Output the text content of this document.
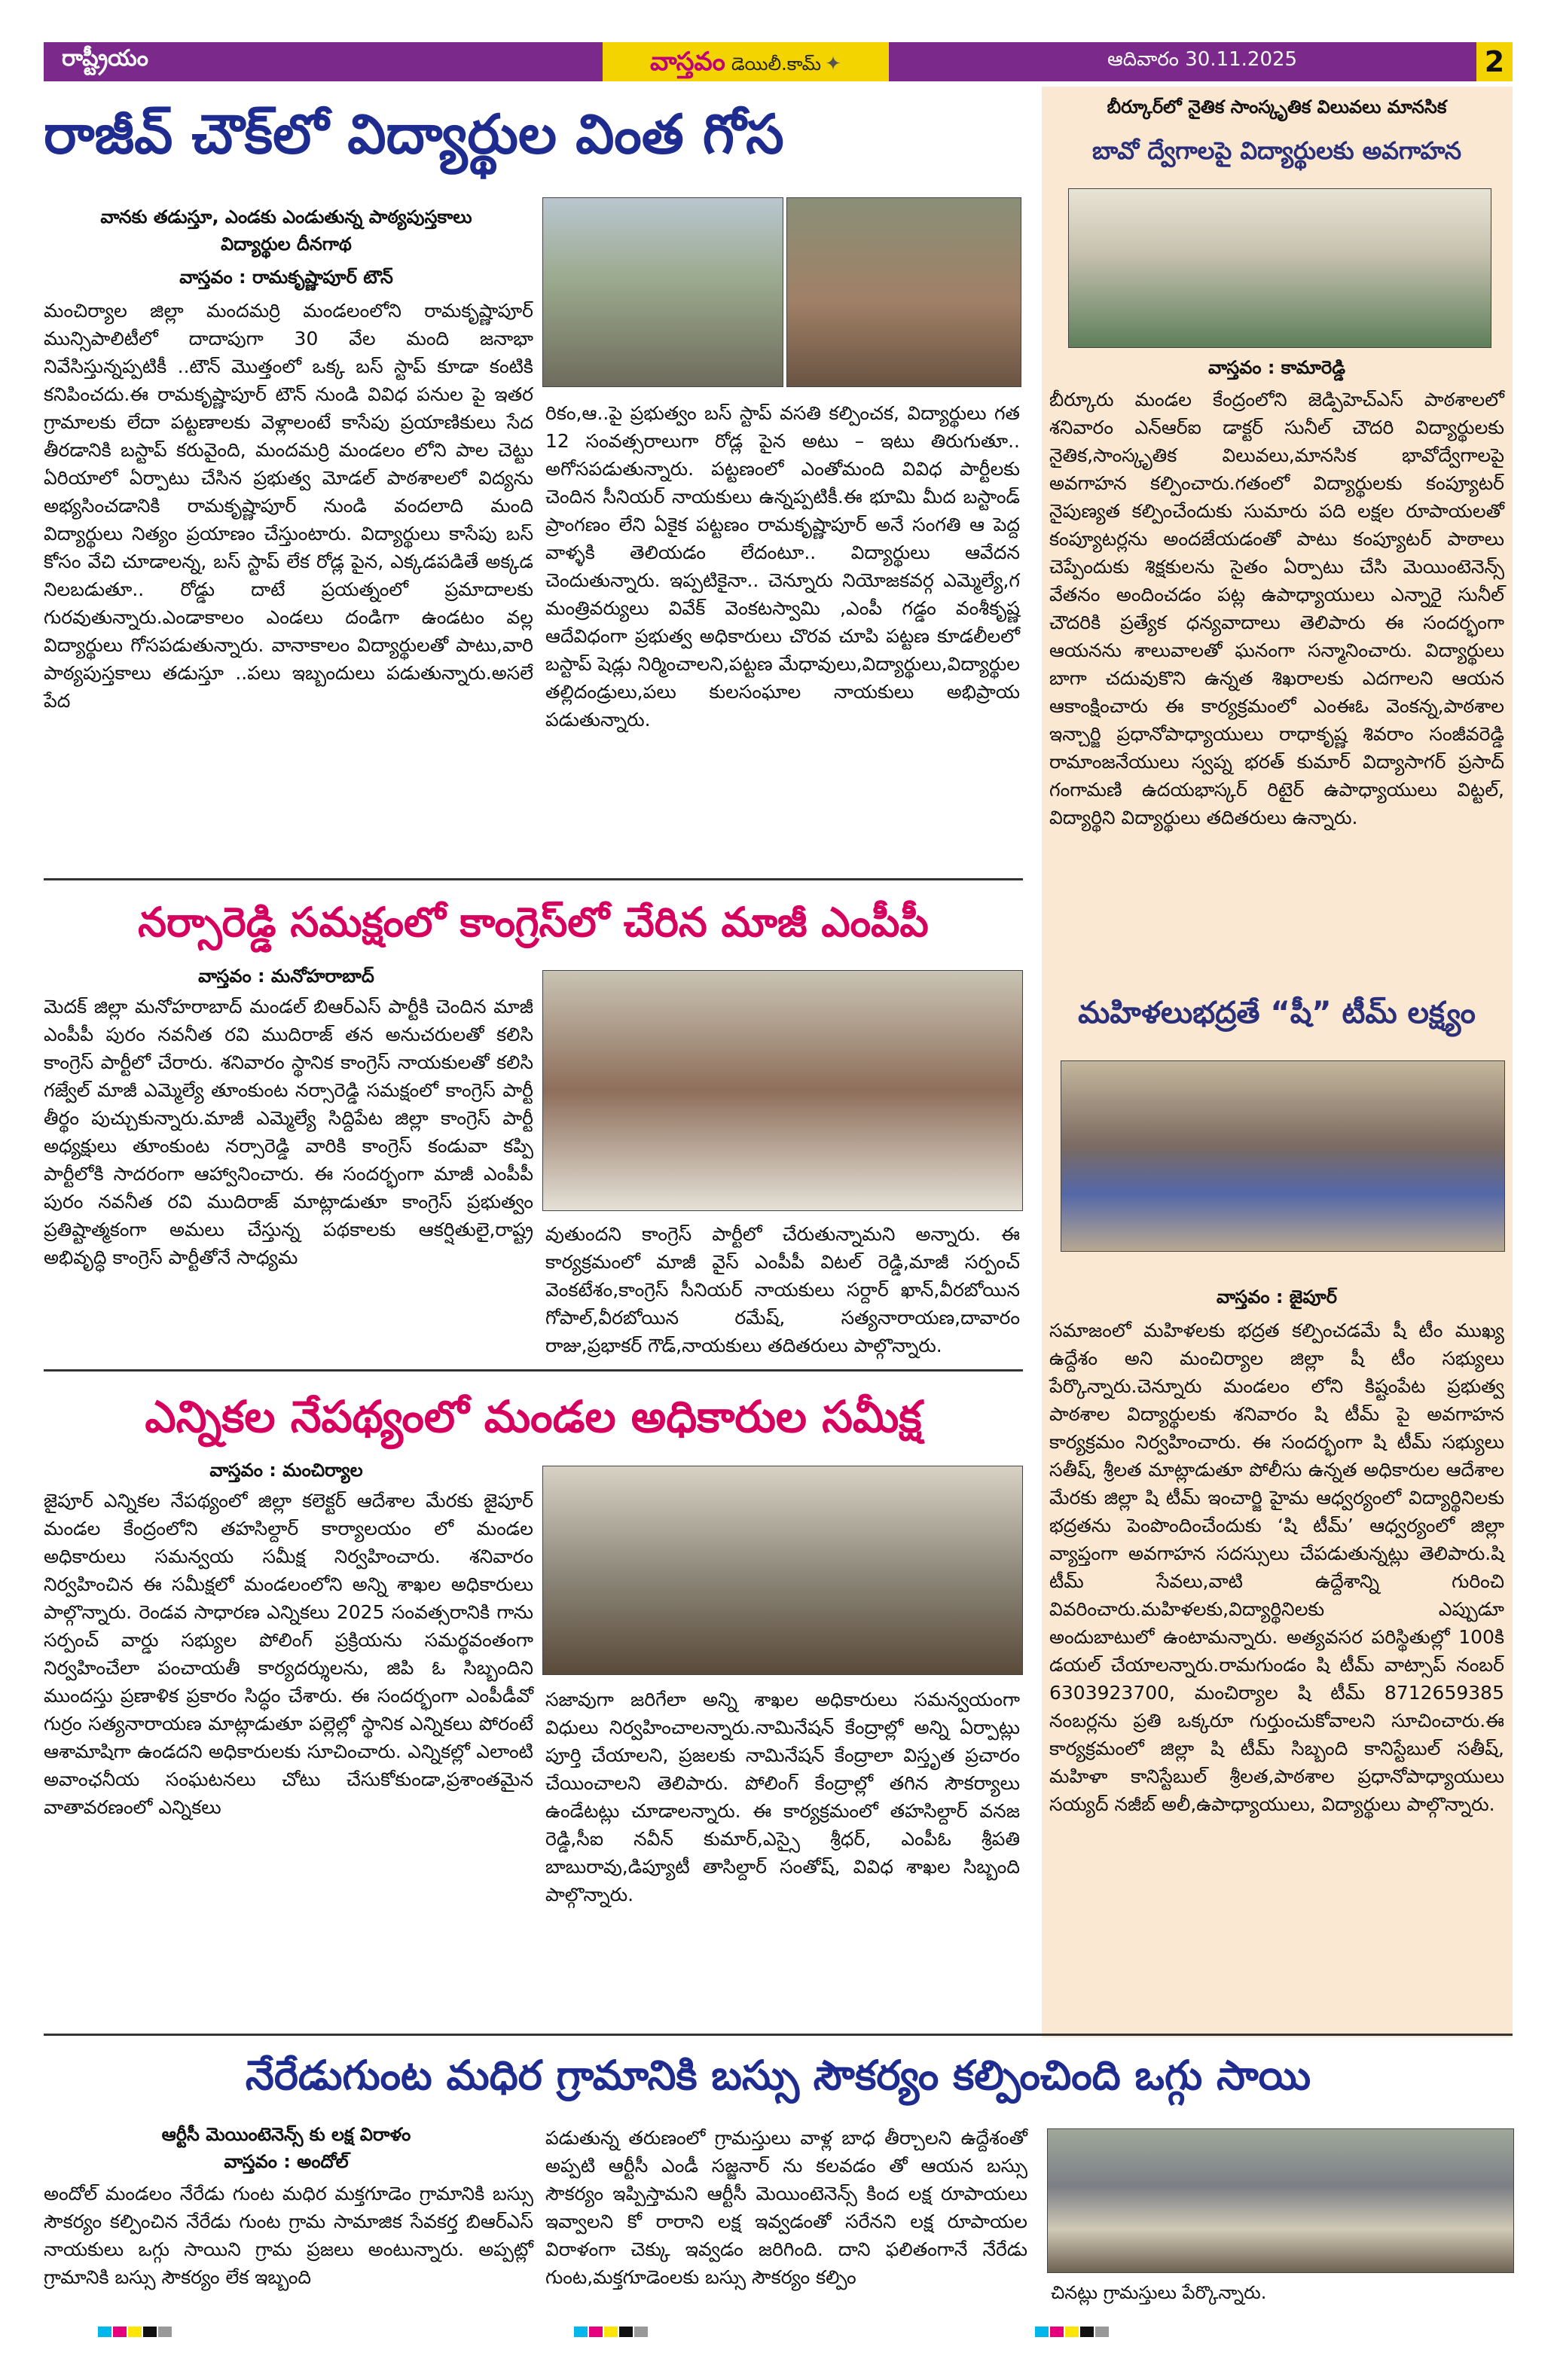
రాష్ట్రీయం	వాస్తవం డెయిలీ.కామ్ ✦	ఆదివారం 30.11.2025	2
రాజీవ్ చౌక్‌లో విద్యార్థుల వింత గోస
వానకు తడుస్తూ, ఎండకు ఎండుతున్న పాఠ్యపుస్తకాలు విద్యార్థుల దీనగాథ
వాస్తవం : రామకృష్ణాపూర్ టౌన్
మంచిర్యాల జిల్లా మందమర్రి మండలంలోని రామకృష్ణాపూర్ మున్సిపాలిటీలో దాదాపుగా 30 వేల మంది జనాభా నివేసిస్తున్నప్పటికీ ..టౌన్ మొత్తంలో ఒక్క బస్ స్టాప్ కూడా కంటికి కనిపించదు.ఈ రామకృష్ణాపూర్ టౌన్ నుండి వివిధ పనుల పై ఇతర గ్రామాలకు లేదా పట్టణాలకు వెళ్లాలంటే కాసేపు ప్రయాణికులు సేద తీరడానికి బస్టాప్ కరువైంది, మందమర్రి మండలం లోని పాల చెట్టు ఏరియాలో ఏర్పాటు చేసిన ప్రభుత్వ మోడల్ పాఠశాలలో విద్యను అభ్యసించడానికి రామకృష్ణాపూర్ నుండి వందలాది మంది విద్యార్థులు నిత్యం ప్రయాణం చేస్తుంటారు. విద్యార్థులు కాసేపు బస్ కోసం వేచి చూడాలన్న, బస్ స్టాప్ లేక రోడ్ల పైన, ఎక్కడపడితే అక్కడ నిలబడుతూ.. రోడ్డు దాటే ప్రయత్నంలో ప్రమాదాలకు గురవుతున్నారు.ఎండాకాలం ఎండలు దండిగా ఉండటం వల్ల విద్యార్థులు గోసపడుతున్నారు. వానాకాలం విద్యార్థులతో పాటు,వారి పాఠ్యపుస్తకాలు తడుస్తూ ..పలు ఇబ్బందులు పడుతున్నారు.అసలే పేద
రికం,ఆ..పై ప్రభుత్వం బస్ స్టాప్ వసతి కల్పించక, విద్యార్థులు గత 12 సంవత్సరాలుగా రోడ్ల పైన అటు – ఇటు తిరుగుతూ.. అగోసపడుతున్నారు. పట్టణంలో ఎంతోమంది వివిధ పార్టీలకు చెందిన సీనియర్ నాయకులు ఉన్నప్పటికీ.ఈ భూమి మీద బస్టాండ్ ప్రాంగణం లేని ఏకైక పట్టణం రామకృష్ణాపూర్ అనే సంగతి ఆ పెద్ద వాళ్ళకి తెలియడం లేదంటూ.. విద్యార్థులు ఆవేదన చెందుతున్నారు. ఇప్పటికైనా.. చెన్నూరు నియోజకవర్గ ఎమ్మెల్యే,గ మంత్రివర్యులు వివేక్ వెంకటస్వామి ,ఎంపీ గడ్డం వంశీకృష్ణ ఆదేవిధంగా ప్రభుత్వ అధికారులు చొరవ చూపి పట్టణ కూడలీలలో బస్టాప్ షెడ్లు నిర్మించాలని,పట్టణ మేధావులు,విద్యార్థులు,విద్యార్థుల తల్లిదండ్రులు,పలు కులసంఘాల నాయకులు అభిప్రాయ పడుతున్నారు.
నర్సారెడ్డి సమక్షంలో కాంగ్రెస్‌లో చేరిన మాజీ ఎంపీపీ
వాస్తవం : మనోహరాబాద్
మెదక్ జిల్లా మనోహరాబాద్ మండల్ బిఆర్ఎస్ పార్టీకి చెందిన మాజీ ఎంపీపీ పురం నవనీత రవి ముదిరాజ్ తన అనుచరులతో కలిసి కాంగ్రెస్ పార్టీలో చేరారు. శనివారం స్థానిక కాంగ్రెస్ నాయకులతో కలిసి గజ్వేల్ మాజీ ఎమ్మెల్యే తూంకుంట నర్సారెడ్డి సమక్షంలో కాంగ్రెస్ పార్టీ తీర్థం పుచ్చుకున్నారు.మాజీ ఎమ్మెల్యే సిద్దిపేట జిల్లా కాంగ్రెస్ పార్టీ అధ్యక్షులు తూంకుంట నర్సారెడ్డి వారికి కాంగ్రెస్ కండువా కప్పి పార్టీలోకి సాదరంగా ఆహ్వానించారు. ఈ సందర్భంగా మాజీ ఎంపీపీ పురం నవనీత రవి ముదిరాజ్ మాట్లాడుతూ కాంగ్రెస్ ప్రభుత్వం ప్రతిష్టాత్మకంగా అమలు చేస్తున్న పథకాలకు ఆకర్షితులై,రాష్ట్ర అభివృద్ధి కాంగ్రెస్ పార్టీతోనే సాధ్యమ
వుతుందని కాంగ్రెస్ పార్టీలో చేరుతున్నామని అన్నారు. ఈ కార్యక్రమంలో మాజీ వైస్ ఎంపీపీ విటల్ రెడ్డి,మాజీ సర్పంచ్ వెంకటేశం,కాంగ్రెస్ సీనియర్ నాయకులు సర్దార్ ఖాన్,వీరబోయిన గోపాల్,వీరబోయిన రమేష్, సత్యనారాయణ,దావారం రాజు,ప్రభాకర్ గౌడ్,నాయకులు తదితరులు పాల్గొన్నారు.
ఎన్నికల నేపథ్యంలో మండల అధికారుల సమీక్ష
వాస్తవం : మంచిర్యాల
జైపూర్ ఎన్నికల నేపథ్యంలో జిల్లా కలెక్టర్ ఆదేశాల మేరకు జైపూర్ మండల కేంద్రంలోని తహసిల్దార్ కార్యాలయం లో మండల అధికారులు సమన్వయ సమీక్ష నిర్వహించారు. శనివారం నిర్వహించిన ఈ సమీక్షలో మండలంలోని అన్ని శాఖల అధికారులు పాల్గొన్నారు. రెండవ సాధారణ ఎన్నికలు 2025 సంవత్సరానికి గాను సర్పంచ్ వార్డు సభ్యుల పోలింగ్ ప్రక్రియను సమర్థవంతంగా నిర్వహించేలా పంచాయతీ కార్యదర్శులను, జిపి ఓ సిబ్బందిని ముందస్తు ప్రణాళిక ప్రకారం సిద్ధం చేశారు. ఈ సందర్భంగా ఎంపీడీవో గుర్రం సత్యనారాయణ మాట్లాడుతూ పల్లెల్లో స్థానిక ఎన్నికలు పోరంటే ఆశామాషిగా ఉండదని అధికారులకు సూచించారు. ఎన్నికల్లో ఎలాంటి అవాంఛనీయ సంఘటనలు చోటు చేసుకోకుండా,ప్రశాంతమైన వాతావరణంలో ఎన్నికలు
సజావుగా జరిగేలా అన్ని శాఖల అధికారులు సమన్వయంగా విధులు నిర్వహించాలన్నారు.నామినేషన్ కేంద్రాల్లో అన్ని ఏర్పాట్లు పూర్తి చేయాలని, ప్రజలకు నామినేషన్ కేంద్రాలా విస్తృత ప్రచారం చేయించాలని తెలిపారు. పోలింగ్ కేంద్రాల్లో తగిన సౌకర్యాలు ఉండేటట్లు చూడాలన్నారు. ఈ కార్యక్రమంలో తహసిల్దార్ వనజ రెడ్డి,సీఐ నవీన్ కుమార్,ఎస్సై శ్రీధర్, ఎంపీఓ శ్రీపతి బాబురావు,డిప్యూటీ తాసిల్దార్ సంతోష్, వివిధ శాఖల సిబ్బంది పాల్గొన్నారు.
బీర్కూర్‌లో నైతిక సాంస్కృతిక విలువలు మానసిక
బావో ద్వేగాలపై విద్యార్థులకు అవగాహన
వాస్తవం : కామారెడ్డి
బీర్కూరు మండల కేంద్రంలోని జెడ్పిహెచ్ఎస్ పాఠశాలలో శనివారం ఎన్ఆర్ఐ డాక్టర్ సునీల్ చౌదరి విద్యార్థులకు నైతిక,సాంస్కృతిక విలువలు,మానసిక భావోద్వేగాలపై అవగాహన కల్పించారు.గతంలో విద్యార్థులకు కంప్యూటర్ నైపుణ్యత కల్పించేందుకు సుమారు పది లక్షల రూపాయలతో కంప్యూటర్లను అందజేయడంతో పాటు కంప్యూటర్ పాఠాలు చెప్పేందుకు శిక్షకులను సైతం ఏర్పాటు చేసి మెయింటెనెన్స్ వేతనం అందించడం పట్ల ఉపాధ్యాయులు ఎన్నారై సునీల్ చౌదరికి ప్రత్యేక ధన్యవాదాలు తెలిపారు ఈ సందర్భంగా ఆయనను శాలువాలతో ఘనంగా సన్మానించారు. విద్యార్థులు బాగా చదువుకొని ఉన్నత శిఖరాలకు ఎదగాలని ఆయన ఆకాంక్షించారు ఈ కార్యక్రమంలో ఎంఈఓ వెంకన్న,పాఠశాల ఇన్చార్జి ప్రధానోపాధ్యాయులు రాధాకృష్ణ శివరాం సంజీవరెడ్డి రామాంజనేయులు స్వప్న భరత్ కుమార్ విద్యాసాగర్ ప్రసాద్ గంగామణి ఉదయభాస్కర్ రిటైర్ ఉపాధ్యాయులు విట్టల్, విద్యార్థిని విద్యార్థులు తదితరులు ఉన్నారు.
మహిళలుభద్రతే “షీ” టీమ్ లక్ష్యం
వాస్తవం : జైపూర్
సమాజంలో మహిళలకు భద్రత కల్పించడమే షీ టీం ముఖ్య ఉద్దేశం అని మంచిర్యాల జిల్లా షీ టీం సభ్యులు పేర్కొన్నారు.చెన్నూరు మండలం లోని కిష్టంపేట ప్రభుత్వ పాఠశాల విద్యార్థులకు శనివారం షి టీమ్ పై అవగాహన కార్యక్రమం నిర్వహించారు. ఈ సందర్భంగా షి టీమ్ సభ్యులు సతీష్, శ్రీలత మాట్లాడుతూ పోలీసు ఉన్నత అధికారుల ఆదేశాల మేరకు జిల్లా షి టీమ్ ఇంచార్జి హైమ ఆధ్వర్యంలో విద్యార్థినిలకు భద్రతను పెంపొందించేందుకు ‘షి టీమ్’ ఆధ్వర్యంలో జిల్లా వ్యాప్తంగా అవగాహన సదస్సులు చేపడుతున్నట్లు తెలిపారు.షి టీమ్ సేవలు,వాటి ఉద్దేశాన్ని గురించి వివరించారు.మహిళలకు,విద్యార్థినిలకు ఎప్పుడూ అందుబాటులో ఉంటామన్నారు. అత్యవసర పరిస్థితుల్లో 100కి డయల్ చేయాలన్నారు.రామగుండం షి టీమ్ వాట్సాప్ నంబర్ 6303923700, మంచిర్యాల షి టీమ్ 8712659385 నంబర్లను ప్రతి ఒక్కరూ గుర్తుంచుకోవాలని సూచించారు.ఈ కార్యక్రమంలో జిల్లా షి టీమ్ సిబ్బంది కానిస్టేబుల్ సతీష్, మహిళా కానిస్టేబుల్ శ్రీలత,పాఠశాల ప్రధానోపాధ్యాయులు సయ్యద్ నజీబ్ అలీ,ఉపాధ్యాయులు, విద్యార్థులు పాల్గొన్నారు.
నేరేడుగుంట మధిర గ్రామానికి బస్సు సౌకర్యం కల్పించింది ఒగ్గు సాయి
ఆర్టీసీ మెయింటెనెన్స్ కు లక్ష విరాళం
వాస్తవం : అందోల్
అందోల్ మండలం నేరేడు గుంట మధిర మక్తగూడెం గ్రామానికి బస్సు సౌకర్యం కల్పించిన నేరేడు గుంట గ్రామ సామాజిక సేవకర్త బిఆర్ఎస్ నాయకులు ఒగ్గు సాయిని గ్రామ ప్రజలు అంటున్నారు. అప్పట్లో గ్రామానికి బస్సు సౌకర్యం లేక ఇబ్బంది
పడుతున్న తరుణంలో గ్రామస్తులు వాళ్ల బాధ తీర్చాలని ఉద్దేశంతో అప్పటి ఆర్టీసీ ఎండీ సజ్జనార్ ను కలవడం తో ఆయన బస్సు సౌకర్యం ఇప్పిస్తామని ఆర్టీసీ మెయింటెనెన్స్ కింద లక్ష రూపాయలు ఇవ్వాలని కో రారాని లక్ష ఇవ్వడంతో సరేనని లక్ష రూపాయల విరాళంగా చెక్కు ఇవ్వడం జరిగింది. దాని ఫలితంగానే నేరేడు గుంట,మక్తగూడెంలకు బస్సు సౌకర్యం కల్పిం
చినట్లు గ్రామస్తులు పేర్కొన్నారు.
